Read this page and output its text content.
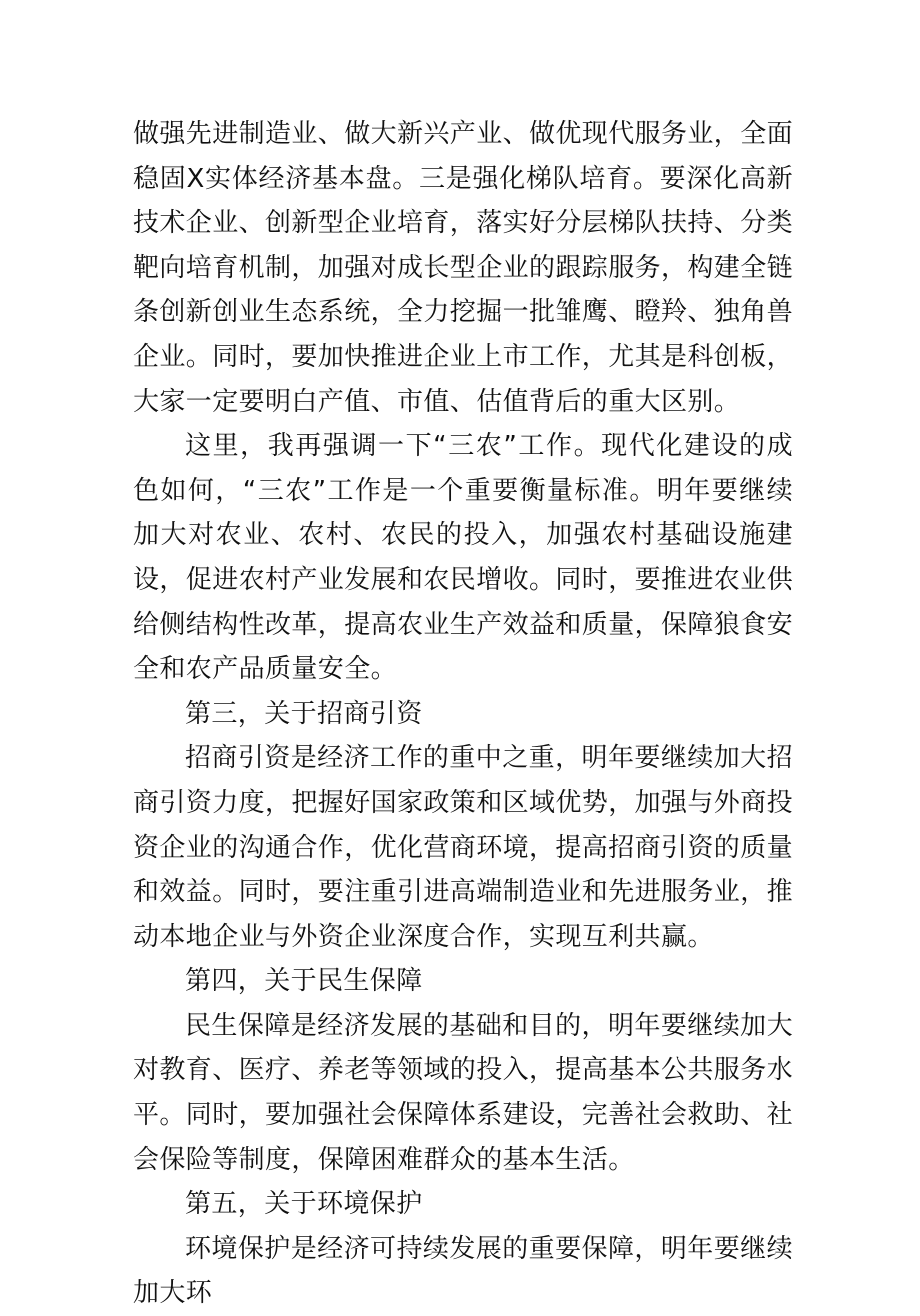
做强先进制造业、做大新兴产业、做优现代服务业，全面稳固X实体经济基本盘。三是强化梯队培育。要深化高新技术企业、创新型企业培育，落实好分层梯队扶持、分类靶向培育机制，加强对成长型企业的跟踪服务，构建全链条创新创业生态系统，全力挖掘一批雏鹰、瞪羚、独角兽企业。同时，要加快推进企业上市工作，尤其是科创板，大家一定要明白产值、市值、估值背后的重大区别。

这里，我再强调一下“三农”工作。现代化建设的成色如何，“三农”工作是一个重要衡量标准。明年要继续加大对农业、农村、农民的投入，加强农村基础设施建设，促进农村产业发展和农民增收。同时，要推进农业供给侧结构性改革，提高农业生产效益和质量，保障狼食安全和农产品质量安全。

第三，关于招商引资

招商引资是经济工作的重中之重，明年要继续加大招商引资力度，把握好国家政策和区域优势，加强与外商投资企业的沟通合作，优化营商环境，提高招商引资的质量和效益。同时，要注重引进高端制造业和先进服务业，推动本地企业与外资企业深度合作，实现互利共赢。

第四，关于民生保障

民生保障是经济发展的基础和目的，明年要继续加大对教育、医疗、养老等领域的投入，提高基本公共服务水平。同时，要加强社会保障体系建设，完善社会救助、社会保险等制度，保障困难群众的基本生活。

第五，关于环境保护

环境保护是经济可持续发展的重要保障，明年要继续加大环
